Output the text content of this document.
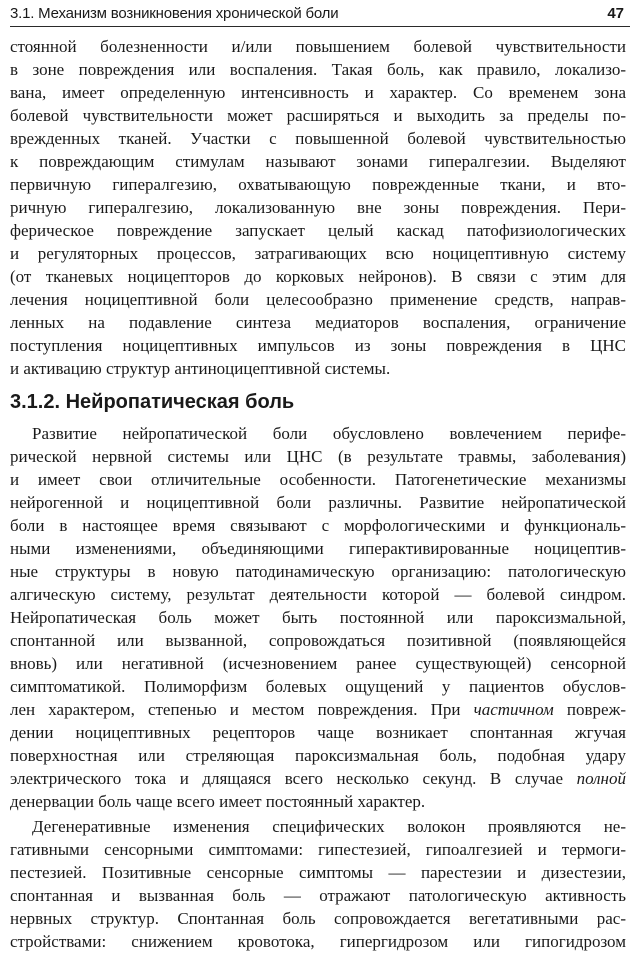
3.1. Механизм возникновения хронической боли	47
стоянной болезненности и/или повышением болевой чувствительности
в зоне повреждения или воспаления. Такая боль, как правило, локализо-
вана, имеет определенную интенсивность и характер. Со временем зона
болевой чувствительности может расширяться и выходить за пределы по-
врежденных тканей. Участки с повышенной болевой чувствительностью
к повреждающим стимулам называют зонами гипералгезии. Выделяют
первичную гипералгезию, охватывающую поврежденные ткани, и вто-
ричную гипералгезию, локализованную вне зоны повреждения. Пери-
ферическое повреждение запускает целый каскад патофизиологических
и регуляторных процессов, затрагивающих всю ноцицептивную систему
(от тканевых ноцицепторов до корковых нейронов). В связи с этим для
лечения ноцицептивной боли целесообразно применение средств, направ-
ленных на подавление синтеза медиаторов воспаления, ограничение
поступления ноцицептивных импульсов из зоны повреждения в ЦНС
и активацию структур антиноцицептивной системы.
3.1.2. Нейропатическая боль
Развитие нейропатической боли обусловлено вовлечением перифе-
рической нервной системы или ЦНС (в результате травмы, заболевания)
и имеет свои отличительные особенности. Патогенетические механизмы
нейрогенной и ноцицептивной боли различны. Развитие нейропатической
боли в настоящее время связывают с морфологическими и функциональ-
ными изменениями, объединяющими гиперактивированные ноцицептив-
ные структуры в новую патодинамическую организацию: патологическую
алгическую систему, результат деятельности которой — болевой синдром.
Нейропатическая боль может быть постоянной или пароксизмальной,
спонтанной или вызванной, сопровождаться позитивной (появляющейся
вновь) или негативной (исчезновением ранее существующей) сенсорной
симптоматикой. Полиморфизм болевых ощущений у пациентов обуслов-
лен характером, степенью и местом повреждения. При частичном повреж-
дении ноцицептивных рецепторов чаще возникает спонтанная жгучая
поверхностная или стреляющая пароксизмальная боль, подобная удару
электрического тока и длящаяся всего несколько секунд. В случае полной
денервации боль чаще всего имеет постоянный характер.
Дегенеративные изменения специфических волокон проявляются не-
гативными сенсорными симптомами: гипестезией, гипоалгезией и термоги-
пестезией. Позитивные сенсорные симптомы — парестезии и дизестезии,
спонтанная и вызванная боль — отражают патологическую активность
нервных структур. Спонтанная боль сопровождается вегетативными рас-
стройствами: снижением кровотока, гипергидрозом или гипогидрозом
